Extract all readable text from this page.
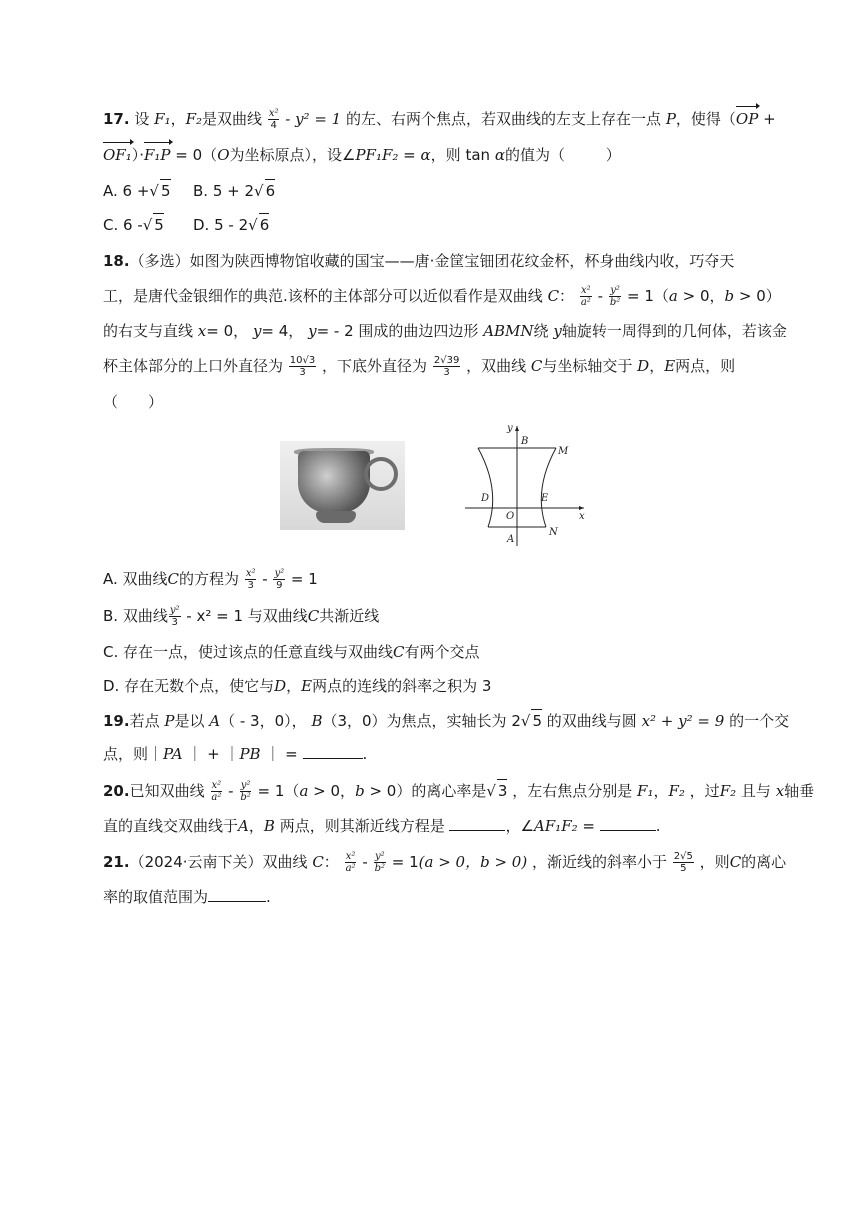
17. 设 F₁，F₂是双曲线 $\frac{\text{x²}}{4} - y^2 = 1$ 的左、右两个焦点，若双曲线的左支上存在一点 P，使得（OP +
OF₁）·F₁P = 0（O为坐标原点），设∠PF₁F₂ = α，则 tan α的值为（	）
A. 6 +√ 5 B. 5 + 2√ 6
C. 6 -√ 5 D. 5 - 2√ 6
18.（多选）如图为陕西博物馆收藏的国宝——唐·金筐宝钿团花纹金杯，杯身曲线内收，巧夺天
工，是唐代金银细作的典范.该杯的主体部分可以近似看作是双曲线 C： $\frac{\text{x²}}{\text{a²}} - \frac{\text{y²}}{\text{b²}} = 1(a > 0$，b > 0）
的右支与直线 x= 0， y= 4， y= - 2 围成的曲边四边形 ABMN绕 y轴旋转一周得到的几何体，若该金
杯主体部分的上口外直径为 $\frac{10√3}{3}$ ，下底外直径为 $\frac{2√39}{3}$ ，双曲线 C与坐标轴交于 D，E两点，则
（ ）
y
x
B
M
D	E
O
A
N
A. 双曲线C的方程为 $\frac{\text{x²}}{3} - \frac{\text{y²}}{9} = 1$
B. 双曲线 $\frac{\text{y²}}{3} - x^2 = 1$ 与双曲线C共渐近线
C. 存在一点，使过该点的任意直线与双曲线C有两个交点
D. 存在无数个点，使它与D，E两点的连线的斜率之积为 3
19.若点 P是以 A（ - 3，0）， B（3，0）为焦点，实轴长为 2√ 5 的双曲线与圆 x² + y² = 9 的一个交
点，则｜PA ｜ + ｜PB ｜ =	.
20.已知双曲线 $\frac{\text{x²}}{\text{a²}} - \frac{\text{y²}}{\text{b²}} = 1(a > 0$，b > 0）的离心率是√ 3 ，左右焦点分别是 F₁，F₂ ，过F₂ 且与 x轴垂
直的直线交双曲线于A，B 两点，则其渐近线方程是	，∠AF₁F₂ =	.
21.（2024·云南下关）双曲线 C： $\frac{\text{x²}}{\text{a²}} - \frac{\text{y²}}{\text{b²}} = 1(a > 0$，b > 0) ，渐近线的斜率小于 $\frac{2√5}{5}$ ，则C的离心
率的取值范围为	.
